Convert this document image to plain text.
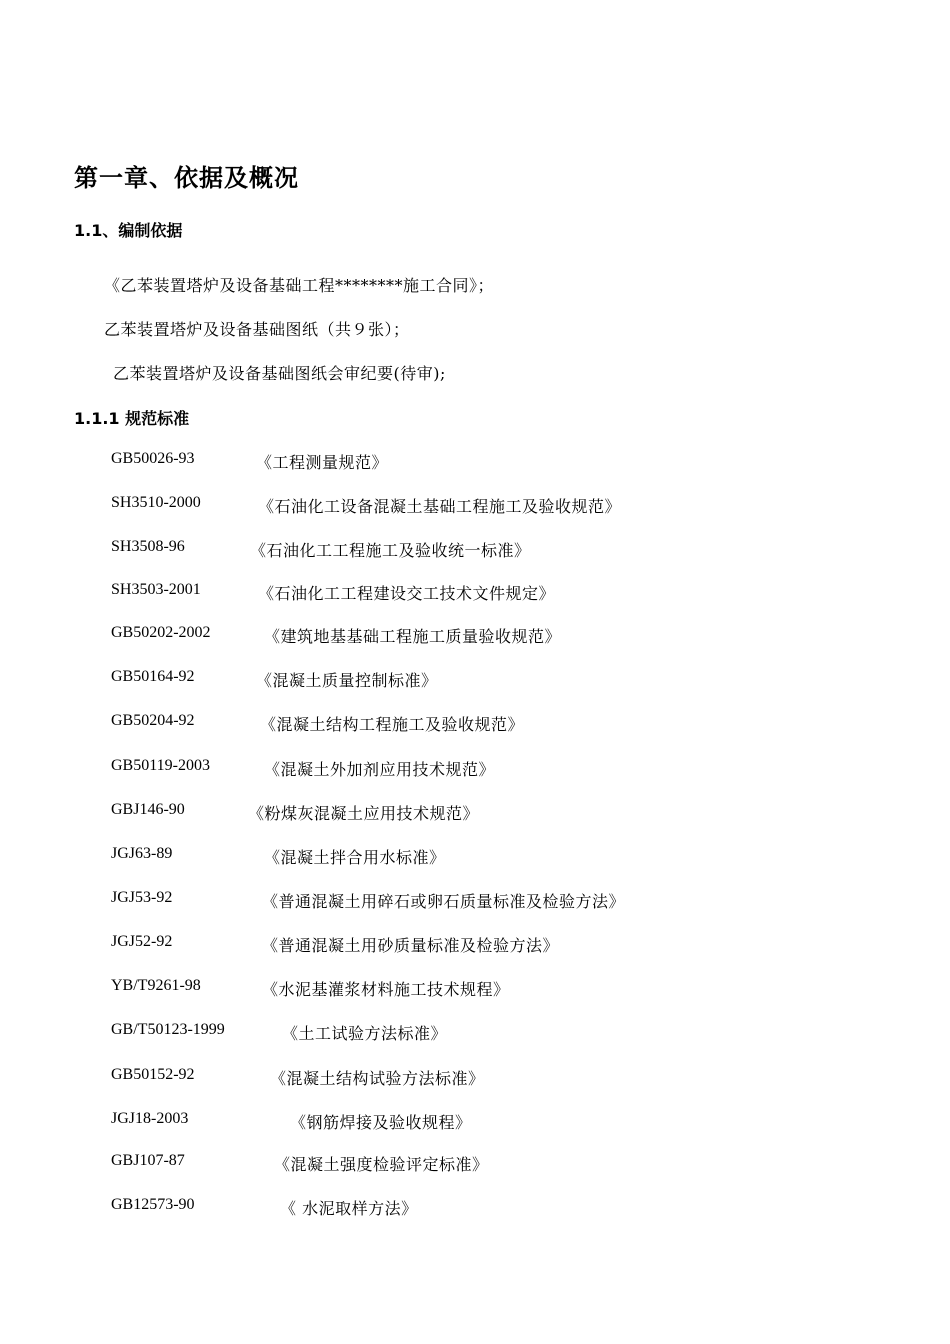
第一章、依据及概况
1.1、编制依据
《乙苯装置塔炉及设备基础工程********施工合同》；
乙苯装置塔炉及设备基础图纸（共９张）；
乙苯装置塔炉及设备基础图纸会审纪要(待审);
1.1.1 规范标准
GB50026-93	《工程测量规范》
SH3510-2000	《石油化工设备混凝土基础工程施工及验收规范》
SH3508-96	《石油化工工程施工及验收统一标准》
SH3503-2001	《石油化工工程建设交工技术文件规定》
GB50202-2002	《建筑地基基础工程施工质量验收规范》
GB50164-92	《混凝土质量控制标准》
GB50204-92	《混凝土结构工程施工及验收规范》
GB50119-2003	《混凝土外加剂应用技术规范》
GBJ146-90	《粉煤灰混凝土应用技术规范》
JGJ63-89	《混凝土拌合用水标准》
JGJ53-92	《普通混凝土用碎石或卵石质量标准及检验方法》
JGJ52-92	《普通混凝土用砂质量标准及检验方法》
YB/T9261-98	《水泥基灌浆材料施工技术规程》
GB/T50123-1999	《土工试验方法标准》
GB50152-92	《混凝土结构试验方法标准》
JGJ18-2003	《钢筋焊接及验收规程》
GBJ107-87	《混凝土强度检验评定标准》
GB12573-90	《 水泥取样方法》
